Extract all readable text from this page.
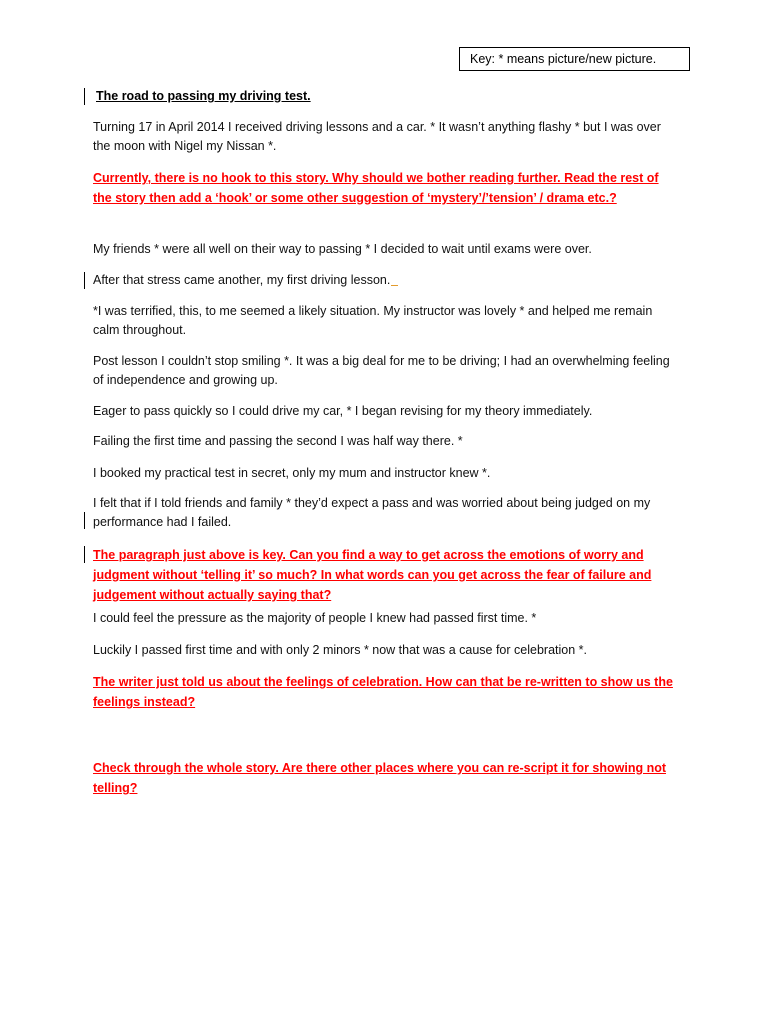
Key: * means picture/new picture.
The road to passing my driving test.
Turning 17 in April 2014 I received driving lessons and a car. * It wasn’t anything flashy * but I was over the moon with Nigel my Nissan *.
Currently, there is no hook to this story. Why should we bother reading further. Read the rest of the story then add a ‘hook’ or some other suggestion of ‘mystery’/’tension’ / drama etc.?
My friends * were all well on their way to passing * I decided to wait until exams were over.
After that stress came another, my first driving lesson.
*I was terrified, this, to me seemed a likely situation. My instructor was lovely * and helped me remain calm throughout.
Post lesson I couldn’t stop smiling *. It was a big deal for me to be driving; I had an overwhelming feeling of independence and growing up.
Eager to pass quickly so I could drive my car, * I began revising for my theory immediately.
Failing the first time and passing the second I was half way there. *
I booked my practical test in secret, only my mum and instructor knew *.
I felt that if I told friends and family * they’d expect a pass and was worried about being judged on my performance had I failed.
The paragraph just above is key. Can you find a way to get across the emotions of worry and judgment without ‘telling it’ so much? In what words can you get across the fear of failure and judgement without actually saying that?
I could feel the pressure as the majority of people I knew had passed first time. *
Luckily I passed first time and with only 2 minors * now that was a cause for celebration *.
The writer just told us about the feelings of celebration. How can that be re-written to show us the feelings instead?
Check through the whole story. Are there other places where you can re-script it for showing not telling?
